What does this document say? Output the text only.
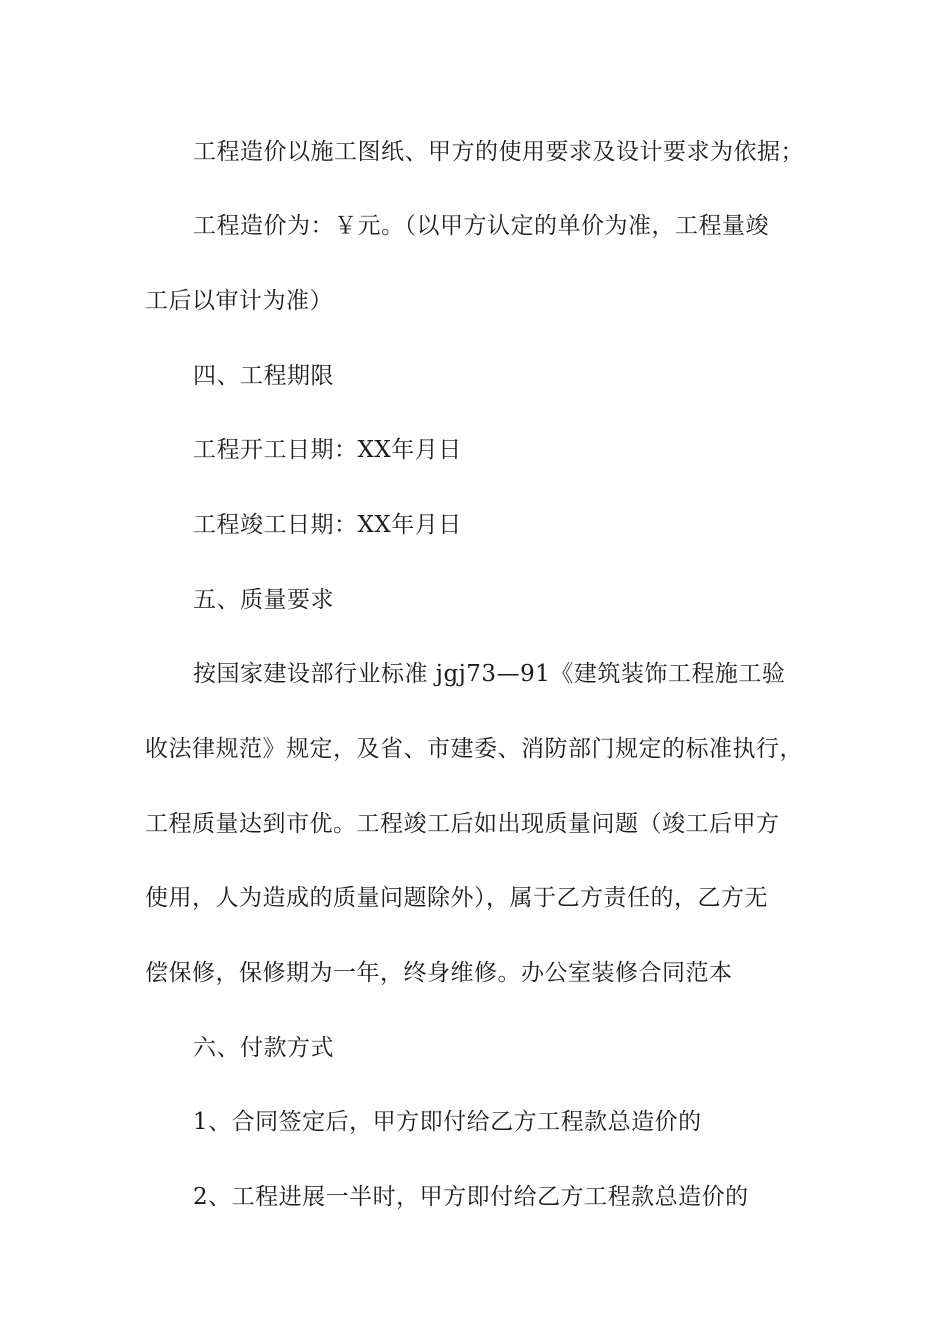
工程造价以施工图纸、甲方的使用要求及设计要求为依据；
工程造价为：￥元。（以甲方认定的单价为准，工程量竣
工后以审计为准）
四、工程期限
工程开工日期：XX年月日
工程竣工日期：XX年月日
五、质量要求
按国家建设部行业标准 jgj73—91《建筑装饰工程施工验
收法律规范》规定，及省、市建委、消防部门规定的标准执行，
工程质量达到市优。工程竣工后如出现质量问题（竣工后甲方
使用，人为造成的质量问题除外），属于乙方责任的，乙方无
偿保修，保修期为一年，终身维修。办公室装修合同范本
六、付款方式
1、合同签定后，甲方即付给乙方工程款总造价的
2、工程进展一半时，甲方即付给乙方工程款总造价的
